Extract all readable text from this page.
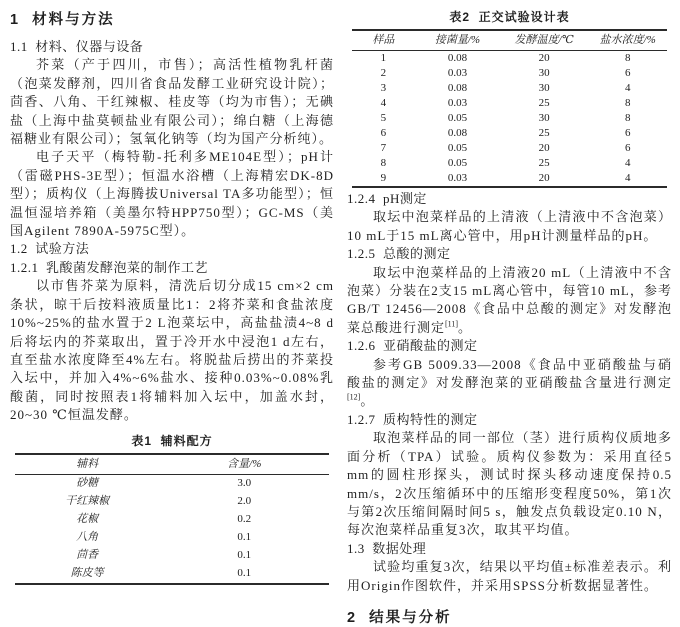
1  材料与方法
1.1  材料、仪器与设备

芥菜（产于四川，市售）；高活性植物乳杆菌（泡菜发酵剂，四川省食品发酵工业研究设计院）；茴香、八角、干红辣椒、桂皮等（均为市售）；无碘盐（上海中盐莫顿盐业有限公司）；绵白糖（上海德福糖业有限公司）；氢氧化钠等（均为国产分析纯）。

电子天平（梅特勒-托利多ME104E型）；pH计（雷磁PHS-3E型）；恒温水浴槽（上海精宏DK-8D型）；质构仪（上海腾拔Universal TA多功能型）；恒温恒湿培养箱（美墨尔特HPP750型）；GC-MS（美国Agilent 7890A-5975C型）。

1.2  试验方法
1.2.1  乳酸菌发酵泡菜的制作工艺

以市售芥菜为原料，清洗后切分成15 cm×2 cm条状，晾干后按料液质量比1：2将芥菜和食盐浓度10%~25%的盐水置于2 L泡菜坛中，高盐盐渍4~8 d后将坛内的芥菜取出，置于冷开水中浸泡1 d左右，直至盐水浓度降至4%左右。将脱盐后捞出的芥菜投入坛中，并加入4%~6%盐水、接种0.03%~0.08%乳酸菌，同时按照表1将辅料加入坛中，加盖水封，20~30 ℃恒温发酵。

表1  辅料配方
辅料	含量/%
砂糖	3.0
干红辣椒	2.0
花椒	0.2
八角	0.1
茴香	0.1
陈皮等	0.1
表2  正交试验设计表
样品	接菌量/%	发酵温度/℃	盐水浓度/%
1	0.08	20	8
2	0.03	30	6
3	0.08	30	4
4	0.03	25	8
5	0.05	30	8
6	0.08	25	6
7	0.05	20	6
8	0.05	25	4
9	0.03	20	4
1.2.4  pH测定

取坛中泡菜样品的上清液（上清液中不含泡菜）10 mL于15 mL离心管中，用pH计测量样品的pH。

1.2.5  总酸的测定

取坛中泡菜样品的上清液20 mL（上清液中不含泡菜）分装在2支15 mL离心管中，每管10 mL，参考GB/T 12456—2008《食品中总酸的测定》对发酵泡菜总酸进行测定[11]。

1.2.6  亚硝酸盐的测定

参考GB 5009.33—2008《食品中亚硝酸盐与硝酸盐的测定》对发酵泡菜的亚硝酸盐含量进行测定[12]。

1.2.7  质构特性的测定

取泡菜样品的同一部位（茎）进行质构仪质地多面分析（TPA）试验。质构仪参数为：采用直径5 mm的圆柱形探头，测试时探头移动速度保持0.5 mm/s，2次压缩循环中的压缩形变程度50%，第1次与第2次压缩间隔时间5 s，触发点负载设定0.10 N，每次泡菜样品重复3次，取其平均值。

1.3  数据处理

试验均重复3次，结果以平均值±标准差表示。利用Origin作图软件，并采用SPSS分析数据显著性。

2  结果与分析
